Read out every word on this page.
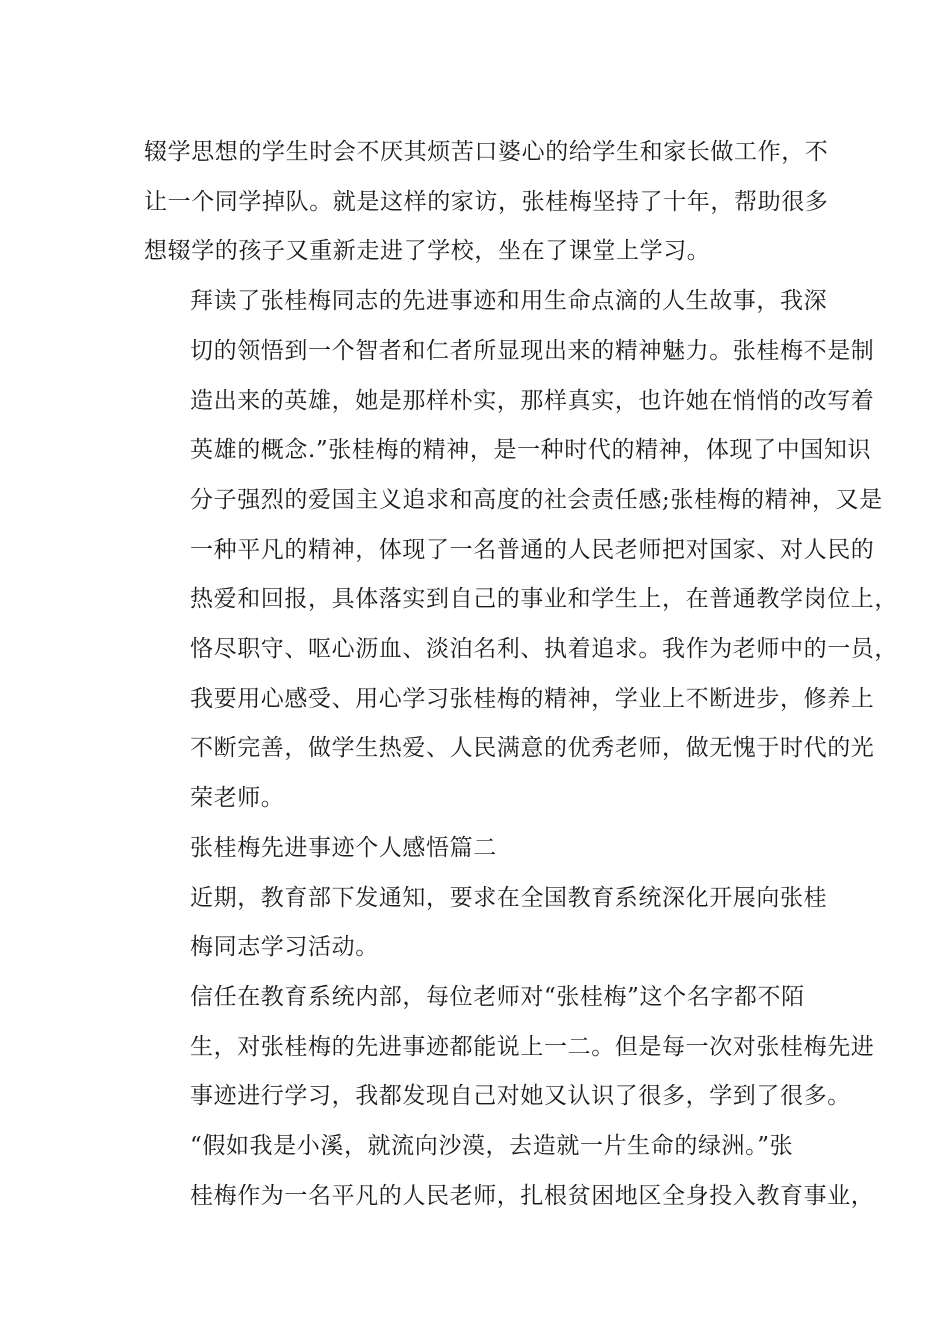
辍学思想的学生时会不厌其烦苦口婆心的给学生和家长做工作，不
让一个同学掉队。就是这样的家访，张桂梅坚持了十年，帮助很多
想辍学的孩子又重新走进了学校，坐在了课堂上学习。
拜读了张桂梅同志的先进事迹和用生命点滴的人生故事，我深
切的领悟到一个智者和仁者所显现出来的精神魅力。张桂梅不是制
造出来的英雄，她是那样朴实，那样真实，也许她在悄悄的改写着
英雄的概念.”张桂梅的精神，是一种时代的精神，体现了中国知识
分子强烈的爱国主义追求和高度的社会责任感;张桂梅的精神，又是
一种平凡的精神，体现了一名普通的人民老师把对国家、对人民的
热爱和回报，具体落实到自己的事业和学生上，在普通教学岗位上，
恪尽职守、呕心沥血、淡泊名利、执着追求。我作为老师中的一员，
我要用心感受、用心学习张桂梅的精神，学业上不断进步，修养上
不断完善，做学生热爱、人民满意的优秀老师，做无愧于时代的光
荣老师。
张桂梅先进事迹个人感悟篇二
近期，教育部下发通知，要求在全国教育系统深化开展向张桂
梅同志学习活动。
信任在教育系统内部，每位老师对“张桂梅”这个名字都不陌
生，对张桂梅的先进事迹都能说上一二。但是每一次对张桂梅先进
事迹进行学习，我都发现自己对她又认识了很多，学到了很多。
“假如我是小溪，就流向沙漠，去造就一片生命的绿洲。”张
桂梅作为一名平凡的人民老师，扎根贫困地区全身投入教育事业，
